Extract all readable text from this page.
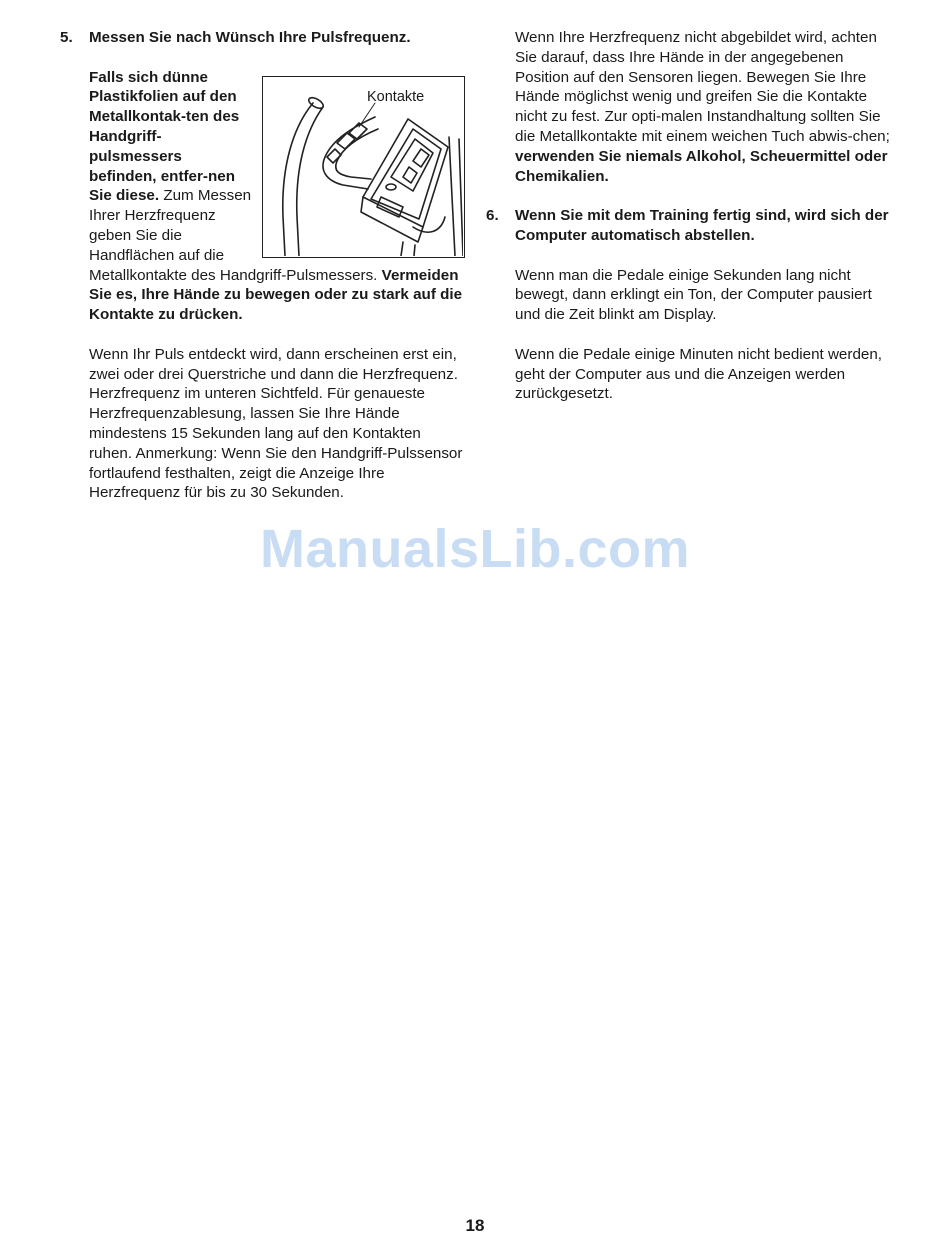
5. Messen Sie nach Wünsch Ihre Pulsfrequenz.

Kontakte

Falls sich dünne Plastikfolien auf den Metallkontak-ten des Handgriff-pulsmessers befinden, entfer-nen Sie diese. Zum Messen Ihrer Herzfrequenz geben Sie die Handflächen auf die Metallkontakte des Handgriff-Pulsmessers. Vermeiden Sie es, Ihre Hände zu bewegen oder zu stark auf die Kontakte zu drücken.

Wenn Ihr Puls entdeckt wird, dann erscheinen erst ein, zwei oder drei Querstriche und dann die Herzfrequenz. Herzfrequenz im unteren Sichtfeld. Für genaueste Herzfrequenzablesung, lassen Sie Ihre Hände mindestens 15 Sekunden lang auf den Kontakten ruhen. Anmerkung: Wenn Sie den Handgriff-Pulssensor fortlaufend festhalten, zeigt die Anzeige Ihre Herzfrequenz für bis zu 30 Sekunden.

Wenn Ihre Herzfrequenz nicht abgebildet wird, achten Sie darauf, dass Ihre Hände in der angegebenen Position auf den Sensoren liegen. Bewegen Sie Ihre Hände möglichst wenig und greifen Sie die Kontakte nicht zu fest. Zur opti-malen Instandhaltung sollten Sie die Metallkontakte mit einem weichen Tuch abwis-chen; verwenden Sie niemals Alkohol, Scheuermittel oder Chemikalien.

6. Wenn Sie mit dem Training fertig sind, wird sich der Computer automatisch abstellen.

Wenn man die Pedale einige Sekunden lang nicht bewegt, dann erklingt ein Ton, der Computer pausiert und die Zeit blinkt am Display.

Wenn die Pedale einige Minuten nicht bedient werden, geht der Computer aus und die Anzeigen werden zurückgesetzt.

ManualsLib.com
18
